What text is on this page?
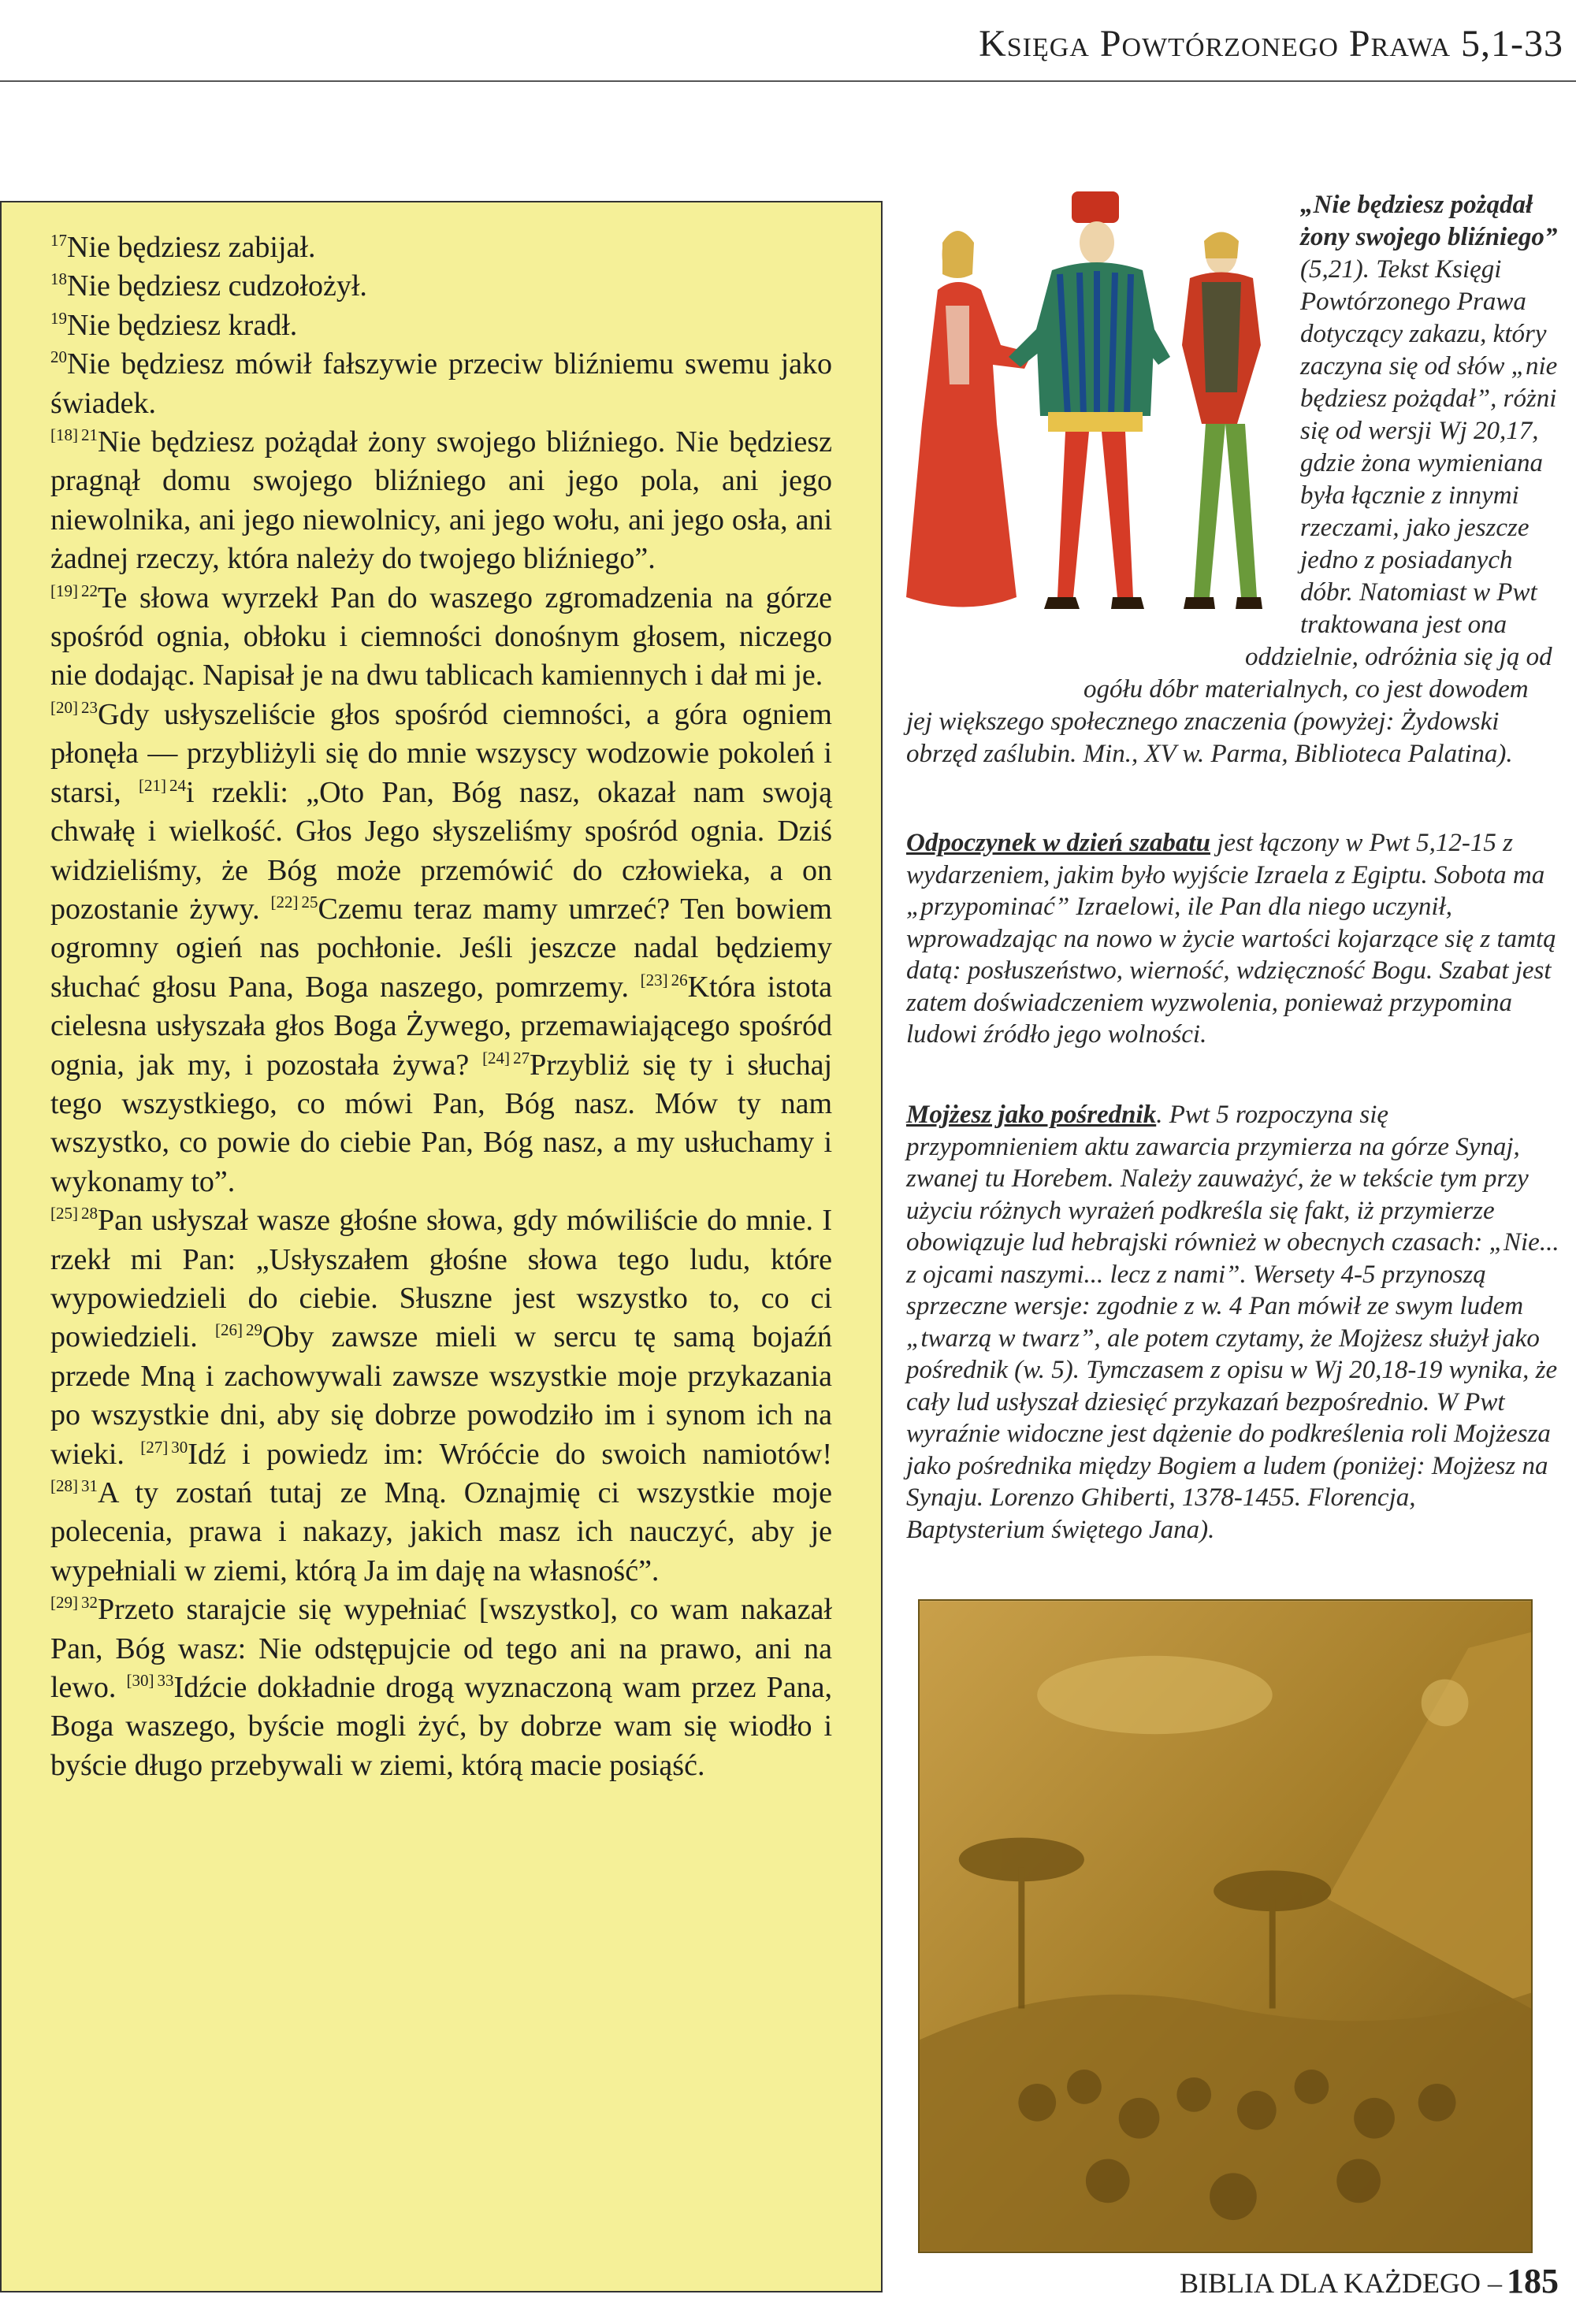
Księga Powtórzonego Prawa 5,1-33

$^{17}$Nie będziesz zabijał.

$^{18}$Nie będziesz cudzołożył.

$^{19}$Nie będziesz kradł.

$^{20}$Nie będziesz mówił fałszywie przeciw bliźniemu swemu jako świadek.

[18] $^{21}$Nie będziesz pożądał żony swojego bliźniego. Nie będziesz pragnął domu swojego bliźniego ani jego pola, ani jego niewolnika, ani jego niewolnicy, ani jego wołu, ani jego osła, ani żadnej rzeczy, która należy do twojego bliźniego”.

[19] $^{22}$Te słowa wyrzekł Pan do waszego zgromadzenia na górze spośród ognia, obłoku i ciemności donośnym głosem, niczego nie dodając. Napisał je na dwu tablicach kamiennych i dał mi je.

[20] $^{23}$Gdy usłyszeliście głos spośród ciemności, a góra ogniem płonęła — przybliżyli się do mnie wszyscy wodzowie pokoleń i starsi, [21] $^{24}$i rzekli: „Oto Pan, Bóg nasz, okazał nam swoją chwałę i wielkość. Głos Jego słyszeliśmy spośród ognia. Dziś widzieliśmy, że Bóg może przemówić do człowieka, a on pozostanie żywy. [22] $^{25}$Czemu teraz mamy umrzeć? Ten bowiem ogromny ogień nas pochłonie. Jeśli jeszcze nadal będziemy słuchać głosu Pana, Boga naszego, pomrzemy. [23] $^{26}$Która istota cielesna usłyszała głos Boga Żywego, przemawiającego spośród ognia, jak my, i pozostała żywa? [24] $^{27}$Przybliż się ty i słuchaj tego wszystkiego, co mówi Pan, Bóg nasz. Mów ty nam wszystko, co powie do ciebie Pan, Bóg nasz, a my usłuchamy i wykonamy to”.

[25] $^{28}$Pan usłyszał wasze głośne słowa, gdy mówiliście do mnie. I rzekł mi Pan: „Usłyszałem głośne słowa tego ludu, które wypowiedzieli do ciebie. Słuszne jest wszystko to, co ci powiedzieli. [26] $^{29}$Oby zawsze mieli w sercu tę samą bojaźń przede Mną i zachowywali zawsze wszystkie moje przykazania po wszystkie dni, aby się dobrze powodziło im i synom ich na wieki. [27] $^{30}$Idź i powiedz im: Wróćcie do swoich namiotów! [28] $^{31}$A ty zostań tutaj ze Mną. Oznajmię ci wszystkie moje polecenia, prawa i nakazy, jakich masz ich nauczyć, aby je wypełniali w ziemi, którą Ja im daję na własność”.

[29] $^{32}$Przeto starajcie się wypełniać [wszystko], co wam nakazał Pan, Bóg wasz: Nie odstępujcie od tego ani na prawo, ani na lewo. [30] $^{33}$Idźcie dokładnie drogą wyznaczoną wam przez Pana, Boga waszego, byście mogli żyć, by dobrze wam się wiodło i byście długo przebywali w ziemi, którą macie posiąść.

„Nie będziesz pożądał żony swojego bliźniego” (5,21). Tekst Księgi Powtórzonego Prawa dotyczący zakazu, który zaczyna się od słów „nie będziesz pożądał”, różni się od wersji Wj 20,17, gdzie żona wymieniana była łącznie z innymi rzeczami, jako jeszcze jedno z posiadanych dóbr. Natomiast w Pwt traktowana jest ona oddzielnie, odróżnia się ją od ogółu dóbr materialnych, co jest dowodem jej większego społecznego znaczenia (powyżej: Żydowski obrzęd zaślubin. Min., XV w. Parma, Biblioteca Palatina).
Odpoczynek w dzień szabatu jest łączony w Pwt 5,12-15 z wydarzeniem, jakim było wyjście Izraela z Egiptu. Sobota ma „przypominać” Izraelowi, ile Pan dla niego uczynił, wprowadzając na nowo w życie wartości kojarzące się z tamtą datą: posłuszeństwo, wierność, wdzięczność Bogu. Szabat jest zatem doświadczeniem wyzwolenia, ponieważ przypomina ludowi źródło jego wolności.
Mojżesz jako pośrednik. Pwt 5 rozpoczyna się przypomnieniem aktu zawarcia przymierza na górze Synaj, zwanej tu Horebem. Należy zauważyć, że w tekście tym przy użyciu różnych wyrażeń podkreśla się fakt, iż przymierze obowiązuje lud hebrajski również w obecnych czasach: „Nie... z ojcami naszymi... lecz z nami”. Wersety 4-5 przynoszą sprzeczne wersje: zgodnie z w. 4 Pan mówił ze swym ludem „twarzą w twarz”, ale potem czytamy, że Mojżesz służył jako pośrednik (w. 5). Tymczasem z opisu w Wj 20,18-19 wynika, że cały lud usłyszał dziesięć przykazań bezpośrednio. W Pwt wyraźnie widoczne jest dążenie do podkreślenia roli Mojżesza jako pośrednika między Bogiem a ludem (poniżej: Mojżesz na Synaju. Lorenzo Ghiberti, 1378-1455. Florencja, Baptysterium świętego Jana).
BIBLIA DLA KAŻDEGO – 185
